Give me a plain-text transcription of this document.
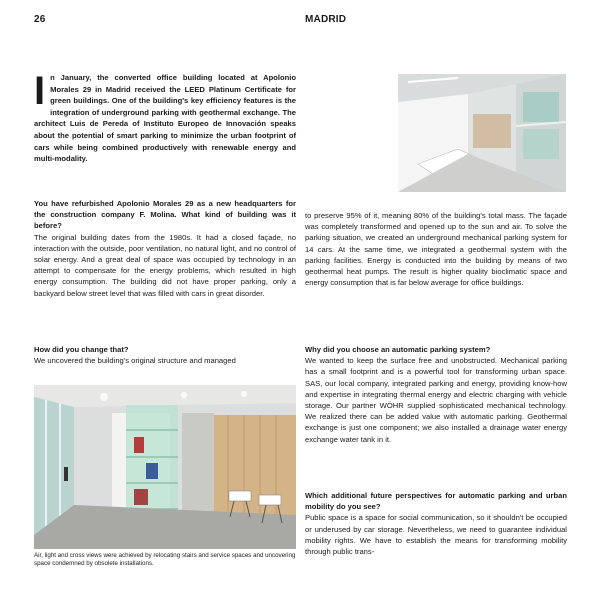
26	MADRID
In January, the converted office building located at Apolonio Morales 29 in Madrid received the LEED Platinum Certificate for green buildings. One of the building's key efficiency features is the integration of underground parking with geothermal exchange. The architect Luis de Pereda of Instituto Europeo de Innovación speaks about the potential of smart parking to minimize the urban footprint of cars while being combined productively with renewable energy and multi-modality.

You have refurbished Apolonio Morales 29 as a new headquarters for the construction company F. Molina. What kind of building was it before?

The original building dates from the 1980s. It had a closed façade, no interaction with the outside, poor ventilation, no natural light, and no control of solar energy. And a great deal of space was occupied by technology in an attempt to compensate for the energy problems, which resulted in high energy consumption. The building did not have proper parking, only a backyard below street level that was filled with cars in great disorder.

How did you change that?

We uncovered the building's original structure and managed

Air, light and cross views were achieved by relocating stairs and service spaces and uncovering space condemned by obsolete installations.

to preserve 95% of it, meaning 80% of the building's total mass. The façade was completely transformed and opened up to the sun and air. To solve the parking situation, we created an underground mechanical parking system for 14 cars. At the same time, we integrated a geothermal system with the parking facilities. Energy is conducted into the building by means of two geothermal heat pumps. The result is higher quality bioclimatic space and energy consumption that is far below average for office buildings.

Why did you choose an automatic parking system?

We wanted to keep the surface free and unobstructed. Mechanical parking has a small footprint and is a powerful tool for transforming urban space. SAS, our local company, integrated parking and energy, providing know-how and expertise in integrating thermal energy and electric charging with vehicle storage. Our partner WÖHR supplied sophisticated mechanical technology. We realized there can be added value with automatic parking. Geothermal exchange is just one component; we also installed a drainage water energy exchange water tank in it.

Which additional future perspectives for automatic parking and urban mobility do you see?

Public space is a space for social communication, so it shouldn't be occupied or underused by car storage. Nevertheless, we need to guarantee individual mobility rights. We have to establish the means for transforming mobility through public trans-
